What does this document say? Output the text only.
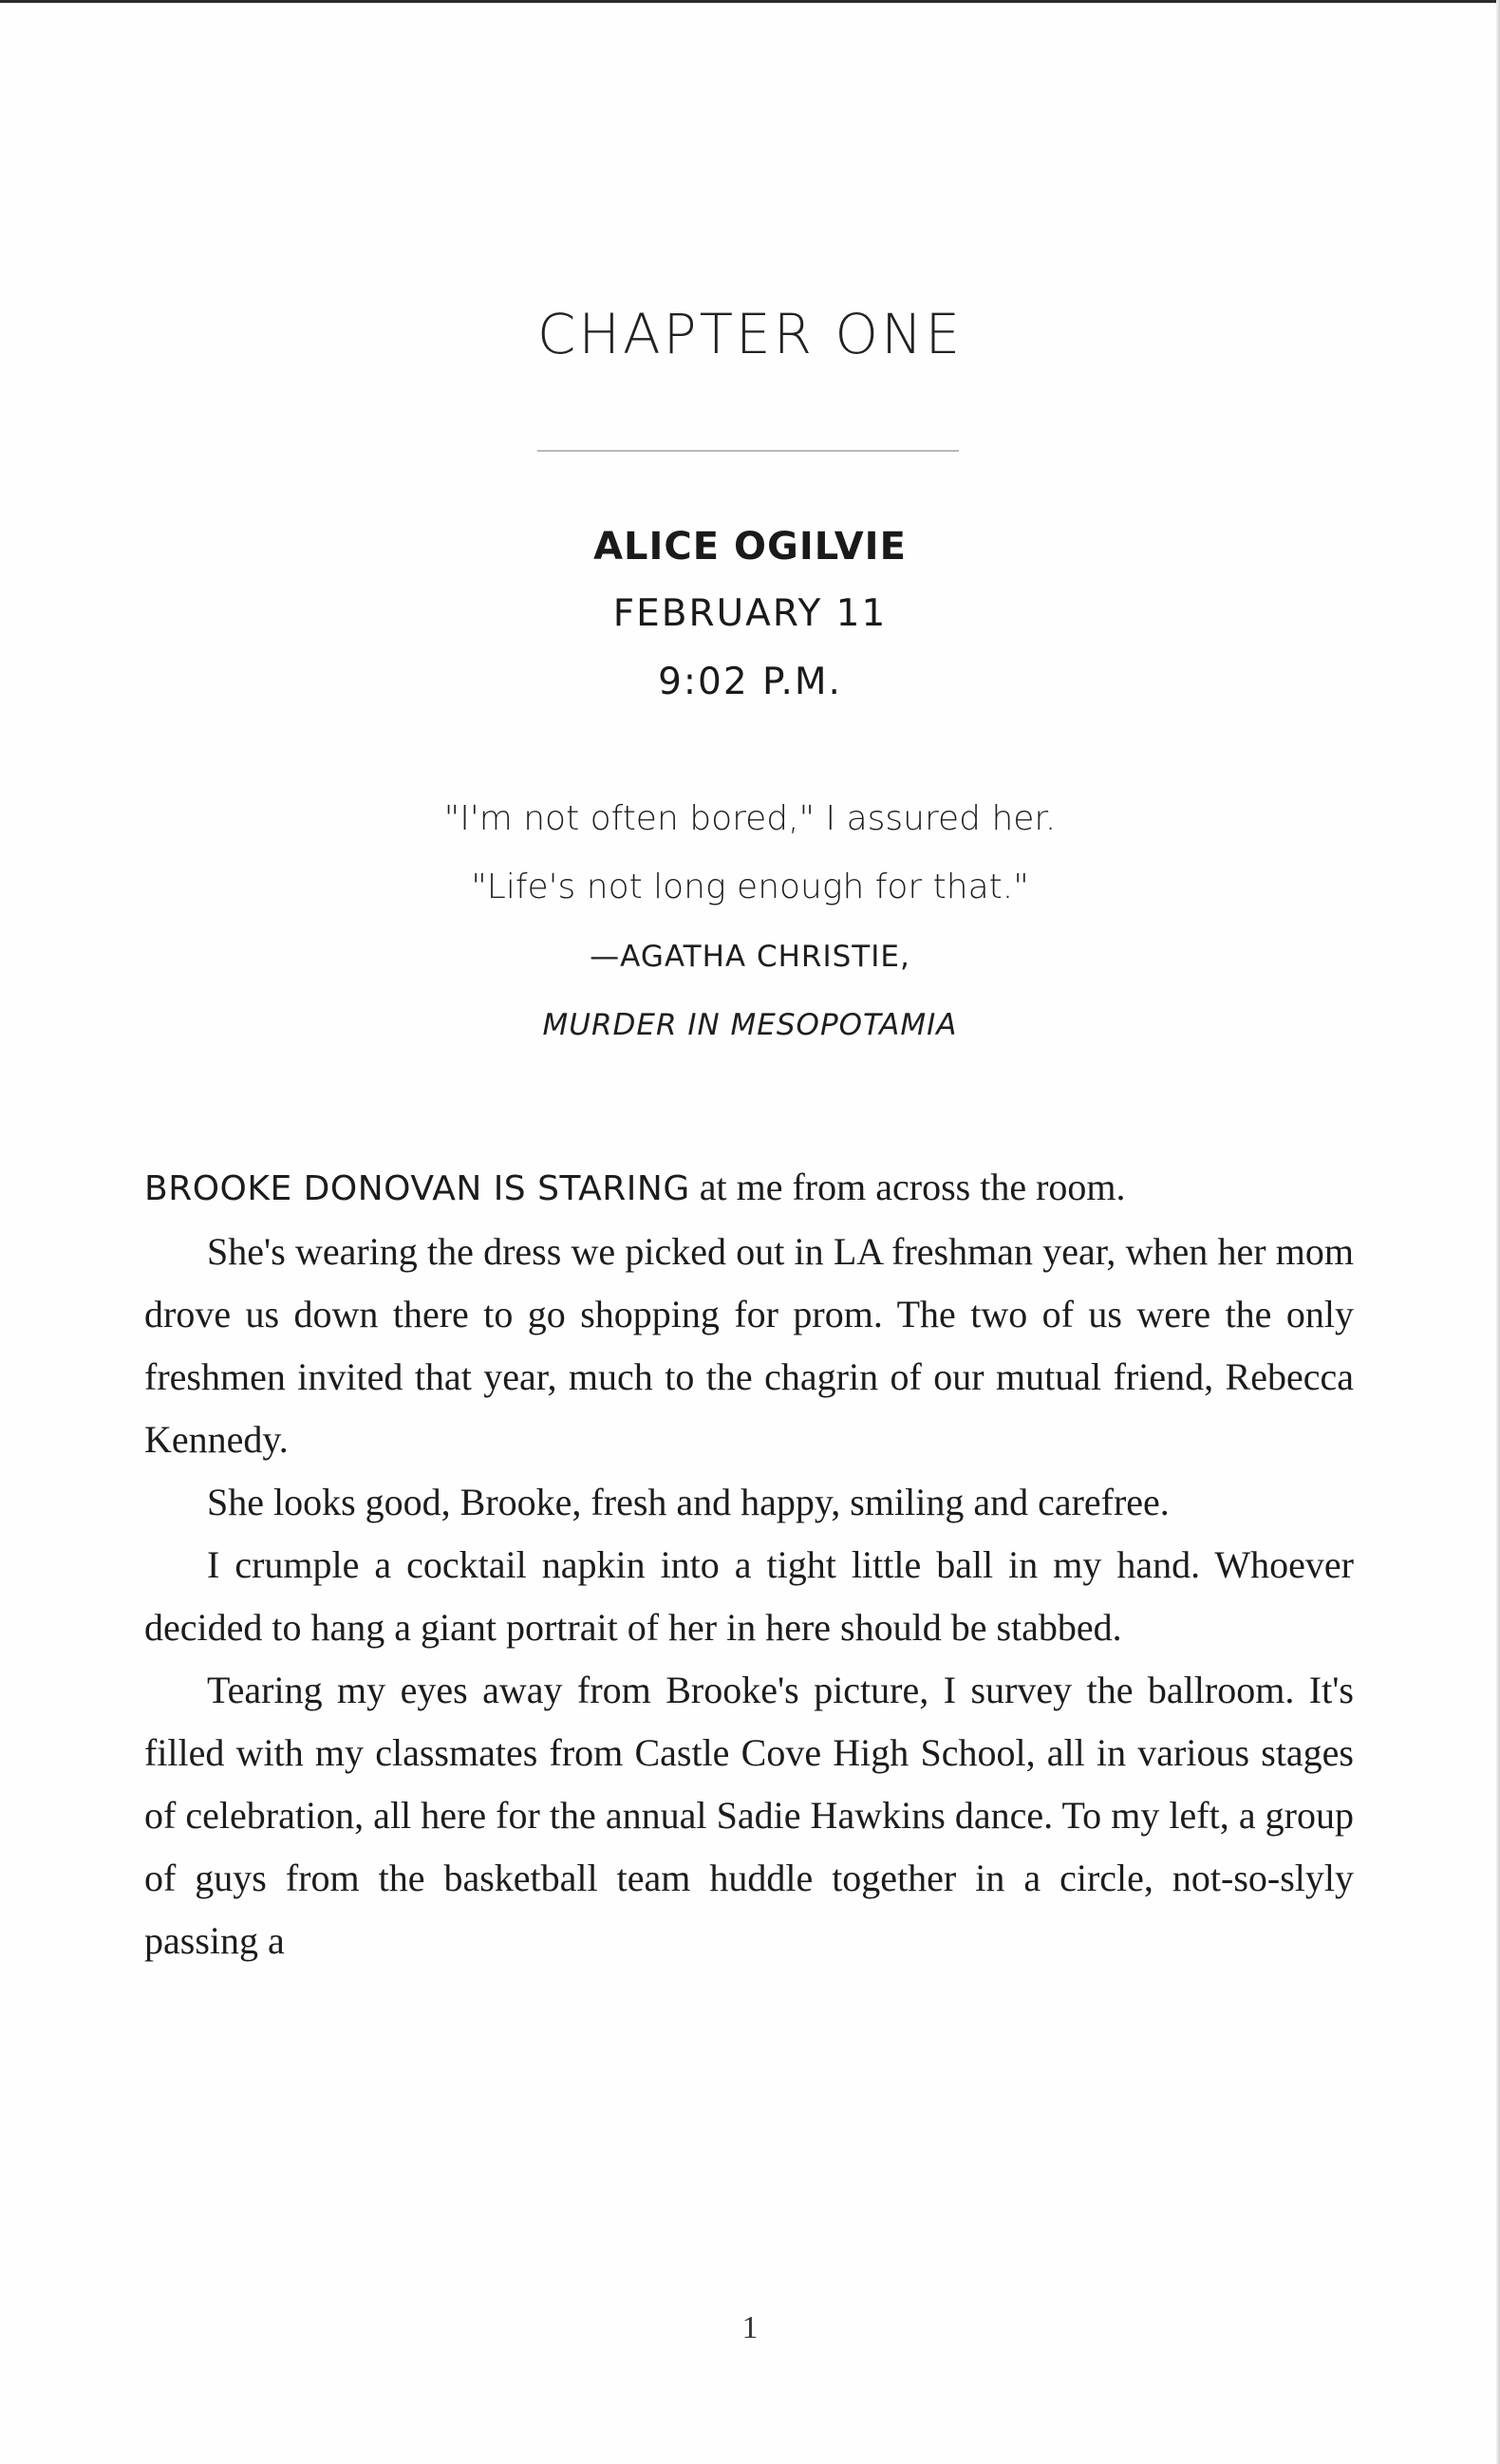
CHAPTER ONE
ALICE OGILVIE
FEBRUARY 11
9:02 P.M.
"I'm not often bored," I assured her.
"Life's not long enough for that."
—AGATHA CHRISTIE,
MURDER IN MESOPOTAMIA

BROOKE DONOVAN IS STARING at me from across the room.

She's wearing the dress we picked out in LA freshman year, when her mom drove us down there to go shopping for prom. The two of us were the only freshmen invited that year, much to the chagrin of our mutual friend, Rebecca Kennedy.

She looks good, Brooke, fresh and happy, smiling and carefree.

I crumple a cocktail napkin into a tight little ball in my hand. Whoever decided to hang a giant portrait of her in here should be stabbed.

Tearing my eyes away from Brooke's picture, I survey the ballroom. It's filled with my classmates from Castle Cove High School, all in various stages of celebration, all here for the annual Sadie Hawkins dance. To my left, a group of guys from the basketball team huddle together in a circle, not-so-slyly passing a

1
